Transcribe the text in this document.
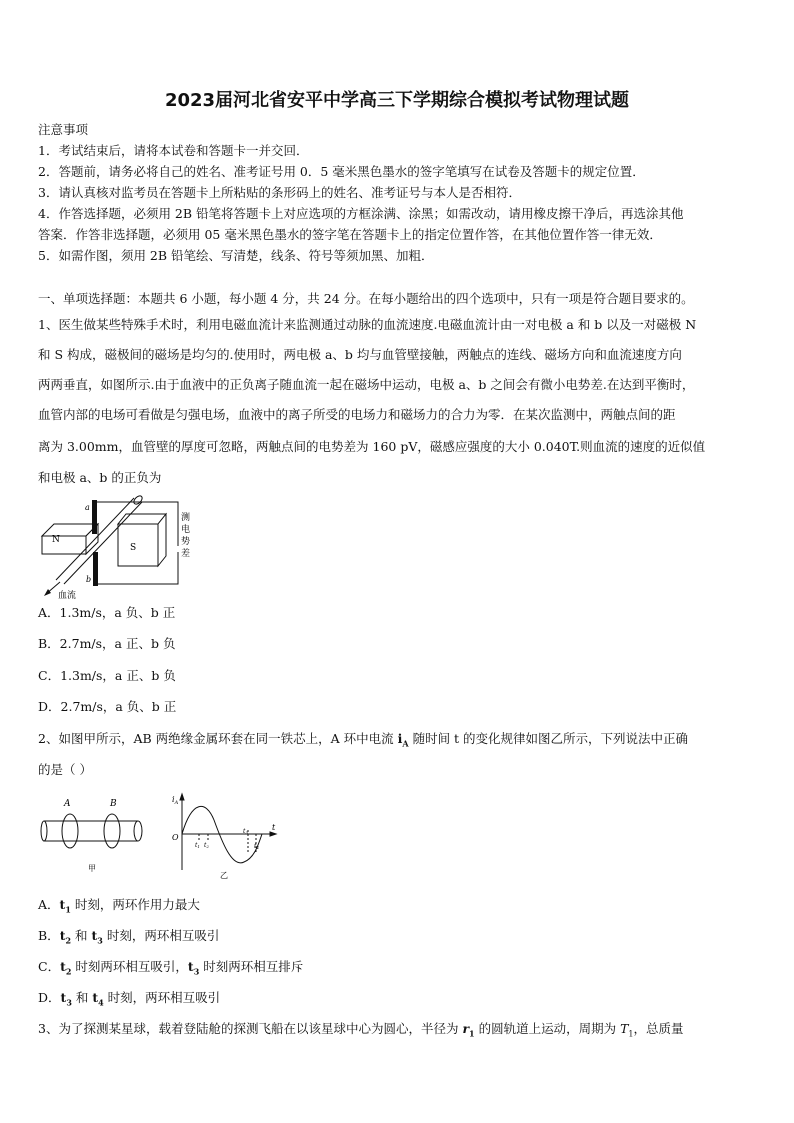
2023届河北省安平中学高三下学期综合模拟考试物理试题
注意事项
1．考试结束后，请将本试卷和答题卡一并交回．
2．答题前，请务必将自己的姓名、准考证号用 0．5 毫米黑色墨水的签字笔填写在试卷及答题卡的规定位置．
3．请认真核对监考员在答题卡上所粘贴的条形码上的姓名、准考证号与本人是否相符．
4．作答选择题，必须用 2B 铅笔将答题卡上对应选项的方框涂满、涂黑；如需改动，请用橡皮擦干净后，再选涂其他
答案．作答非选择题，必须用 05 毫米黑色墨水的签字笔在答题卡上的指定位置作答，在其他位置作答一律无效．
5．如需作图，须用 2B 铅笔绘、写清楚，线条、符号等须加黑、加粗．
一、单项选择题：本题共 6 小题，每小题 4 分，共 24 分。在每小题给出的四个选项中，只有一项是符合题目要求的。
1、医生做某些特殊手术时，利用电磁血流计来监测通过动脉的血流速度.电磁血流计由一对电极 a 和 b 以及一对磁极 N
和 S 构成，磁极间的磁场是均匀的.使用时，两电极 a、b 均与血管壁接触，两触点的连线、磁场方向和血流速度方向
两两垂直，如图所示.由于血液中的正负离子随血流一起在磁场中运动，电极 a、b 之间会有微小电势差.在达到平衡时，
血管内部的电场可看做是匀强电场，血液中的离子所受的电场力和磁场力的合力为零．在某次监测中，两触点间的距
离为 3.00mm，血管壁的厚度可忽略，两触点间的电势差为 160 pV，磁感应强度的大小 0.040T.则血流的速度的近似值
和电极 a、b 的正负为
N
S
a
b
测
电
势
差
血流
A．1.3m/s，a 负、b 正
B．2.7m/s，a 正、b 负
C．1.3m/s，a 正、b 负
D．2.7m/s，a 负、b 正
2、如图甲所示，AB 两绝缘金属环套在同一铁芯上，A 环中电流 $i_A$ 随时间 t 的变化规律如图乙所示，下列说法中正确
的是（ ）
A	B
甲
$i_A$
t
O
t1 t2
t3
t4
乙
A．$t_1$ 时刻，两环作用力最大
B．$t_2$ 和 $t_3$ 时刻，两环相互吸引
C．$t_2$ 时刻两环相互吸引，$t_3$ 时刻两环相互排斥
D．$t_3$ 和 $t_4$ 时刻，两环相互吸引
3、为了探测某星球，载着登陆舱的探测飞船在以该星球中心为圆心，半径为 $r_1$ 的圆轨道上运动，周期为 $T_1$，总质量
